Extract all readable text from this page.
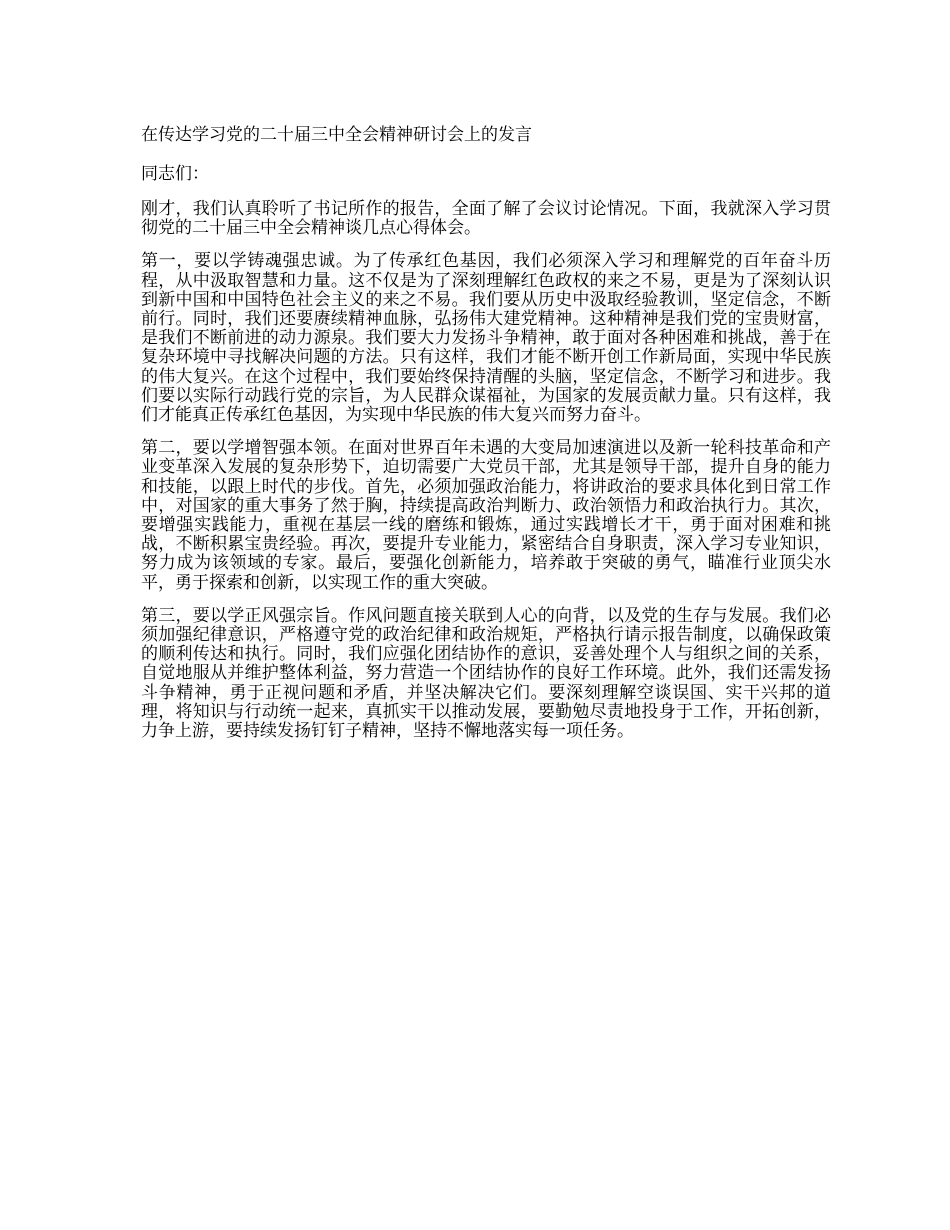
在传达学习党的二十届三中全会精神研讨会上的发言
同志们：

刚才，我们认真聆听了书记所作的报告，全面了解了会议讨论情况。下面，我就深入学习贯彻党的二十届三中全会精神谈几点心得体会。

第一，要以学铸魂强忠诚。为了传承红色基因，我们必须深入学习和理解党的百年奋斗历程，从中汲取智慧和力量。这不仅是为了深刻理解红色政权的来之不易，更是为了深刻认识到新中国和中国特色社会主义的来之不易。我们要从历史中汲取经验教训，坚定信念，不断前行。同时，我们还要赓续精神血脉，弘扬伟大建党精神。这种精神是我们党的宝贵财富，是我们不断前进的动力源泉。我们要大力发扬斗争精神，敢于面对各种困难和挑战，善于在复杂环境中寻找解决问题的方法。只有这样，我们才能不断开创工作新局面，实现中华民族的伟大复兴。在这个过程中，我们要始终保持清醒的头脑，坚定信念，不断学习和进步。我们要以实际行动践行党的宗旨，为人民群众谋福祉，为国家的发展贡献力量。只有这样，我们才能真正传承红色基因，为实现中华民族的伟大复兴而努力奋斗。

第二，要以学增智强本领。在面对世界百年未遇的大变局加速演进以及新一轮科技革命和产业变革深入发展的复杂形势下，迫切需要广大党员干部，尤其是领导干部，提升自身的能力和技能，以跟上时代的步伐。首先，必须加强政治能力，将讲政治的要求具体化到日常工作中，对国家的重大事务了然于胸，持续提高政治判断力、政治领悟力和政治执行力。其次，要增强实践能力，重视在基层一线的磨练和锻炼，通过实践增长才干，勇于面对困难和挑战，不断积累宝贵经验。再次，要提升专业能力，紧密结合自身职责，深入学习专业知识，努力成为该领域的专家。最后，要强化创新能力，培养敢于突破的勇气，瞄准行业顶尖水平，勇于探索和创新，以实现工作的重大突破。

第三，要以学正风强宗旨。作风问题直接关联到人心的向背，以及党的生存与发展。我们必须加强纪律意识，严格遵守党的政治纪律和政治规矩，严格执行请示报告制度，以确保政策的顺利传达和执行。同时，我们应强化团结协作的意识，妥善处理个人与组织之间的关系，自觉地服从并维护整体利益，努力营造一个团结协作的良好工作环境。此外，我们还需发扬斗争精神，勇于正视问题和矛盾，并坚决解决它们。要深刻理解空谈误国、实干兴邦的道理，将知识与行动统一起来，真抓实干以推动发展，要勤勉尽责地投身于工作，开拓创新，力争上游，要持续发扬钉钉子精神，坚持不懈地落实每一项任务。
